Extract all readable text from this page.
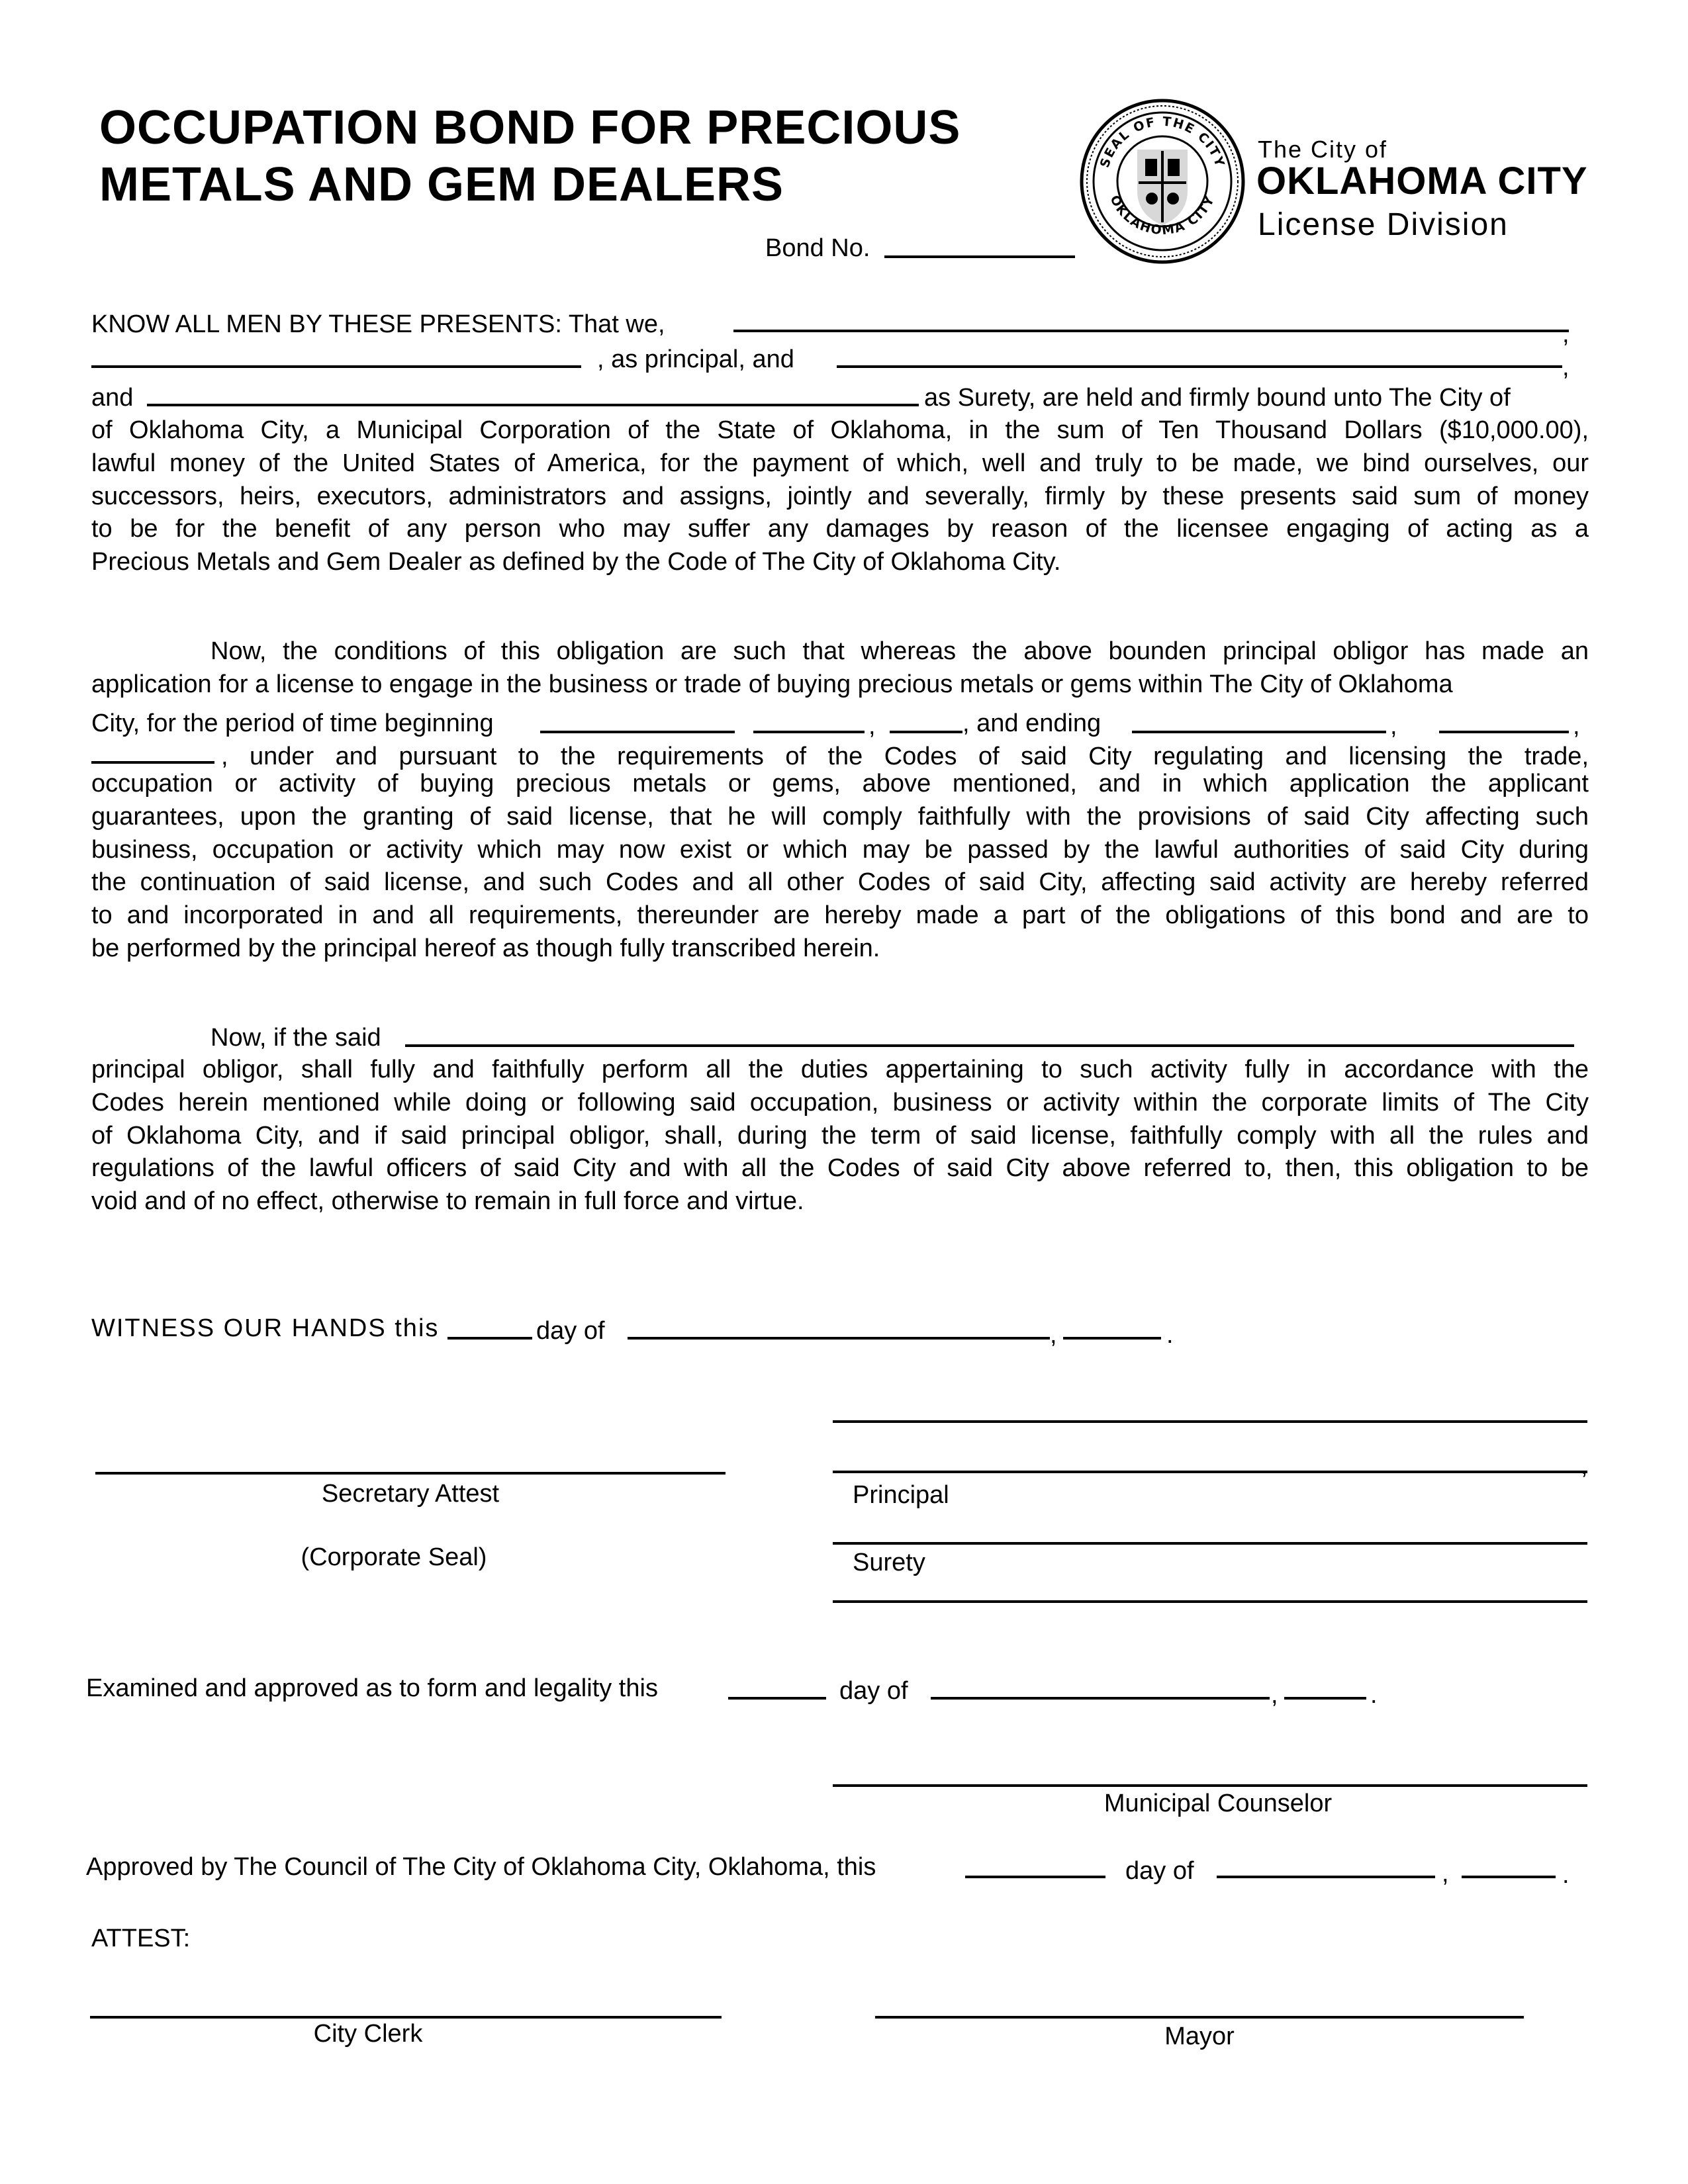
OCCUPATION BOND FOR PRECIOUS
METALS AND GEM DEALERS	SEAL OF THE CITY
OKLAHOMA CITY
The City of
OKLAHOMA CITY
License Division
Bond No.
KNOW ALL MEN BY THESE PRESENTS: That we,	,
, as principal, and	,
and	as Surety, are held and firmly bound unto The City of
of Oklahoma City, a Municipal Corporation of the State of Oklahoma, in the sum of Ten Thousand Dollars ($10,000.00),
lawful money of the United States of America, for the payment of which, well and truly to be made, we bind ourselves, our
successors, heirs, executors, administrators and assigns, jointly and severally, firmly by these presents said sum of money
to be for the benefit of any person who may suffer any damages by reason of the licensee engaging of acting as a
Precious Metals and Gem Dealer as defined by the Code of The City of Oklahoma City.
Now, the conditions of this obligation are such that whereas the above bounden principal obligor has made an
application for a license to engage in the business or trade of buying precious metals or gems within The City of Oklahoma
City, for the period of time beginning	,	, and ending	,	,
, under and pursuant to the requirements of the Codes of said City regulating and licensing the trade,
occupation or activity of buying precious metals or gems, above mentioned, and in which application the applicant
guarantees, upon the granting of said license, that he will comply faithfully with the provisions of said City affecting such
business, occupation or activity which may now exist or which may be passed by the lawful authorities of said City during
the continuation of said license, and such Codes and all other Codes of said City, affecting said activity are hereby referred
to and incorporated in and all requirements, thereunder are hereby made a part of the obligations of this bond and are to
be performed by the principal hereof as though fully transcribed herein.
Now, if the said
principal obligor, shall fully and faithfully perform all the duties appertaining to such activity fully in accordance with the
Codes herein mentioned while doing or following said occupation, business or activity within the corporate limits of The City
of Oklahoma City, and if said principal obligor, shall, during the term of said license, faithfully comply with all the rules and
regulations of the lawful officers of said City and with all the Codes of said City above referred to, then, this obligation to be
void and of no effect, otherwise to remain in full force and virtue.
WITNESS OUR HANDS this	day of	,	.
,
Secretary Attest	Principal
(Corporate Seal)	Surety
Examined and approved as to form and legality this	day of	,	.
Municipal Counselor
Approved by The Council of The City of Oklahoma City, Oklahoma, this	day of	,	.
ATTEST:
City Clerk	Mayor
